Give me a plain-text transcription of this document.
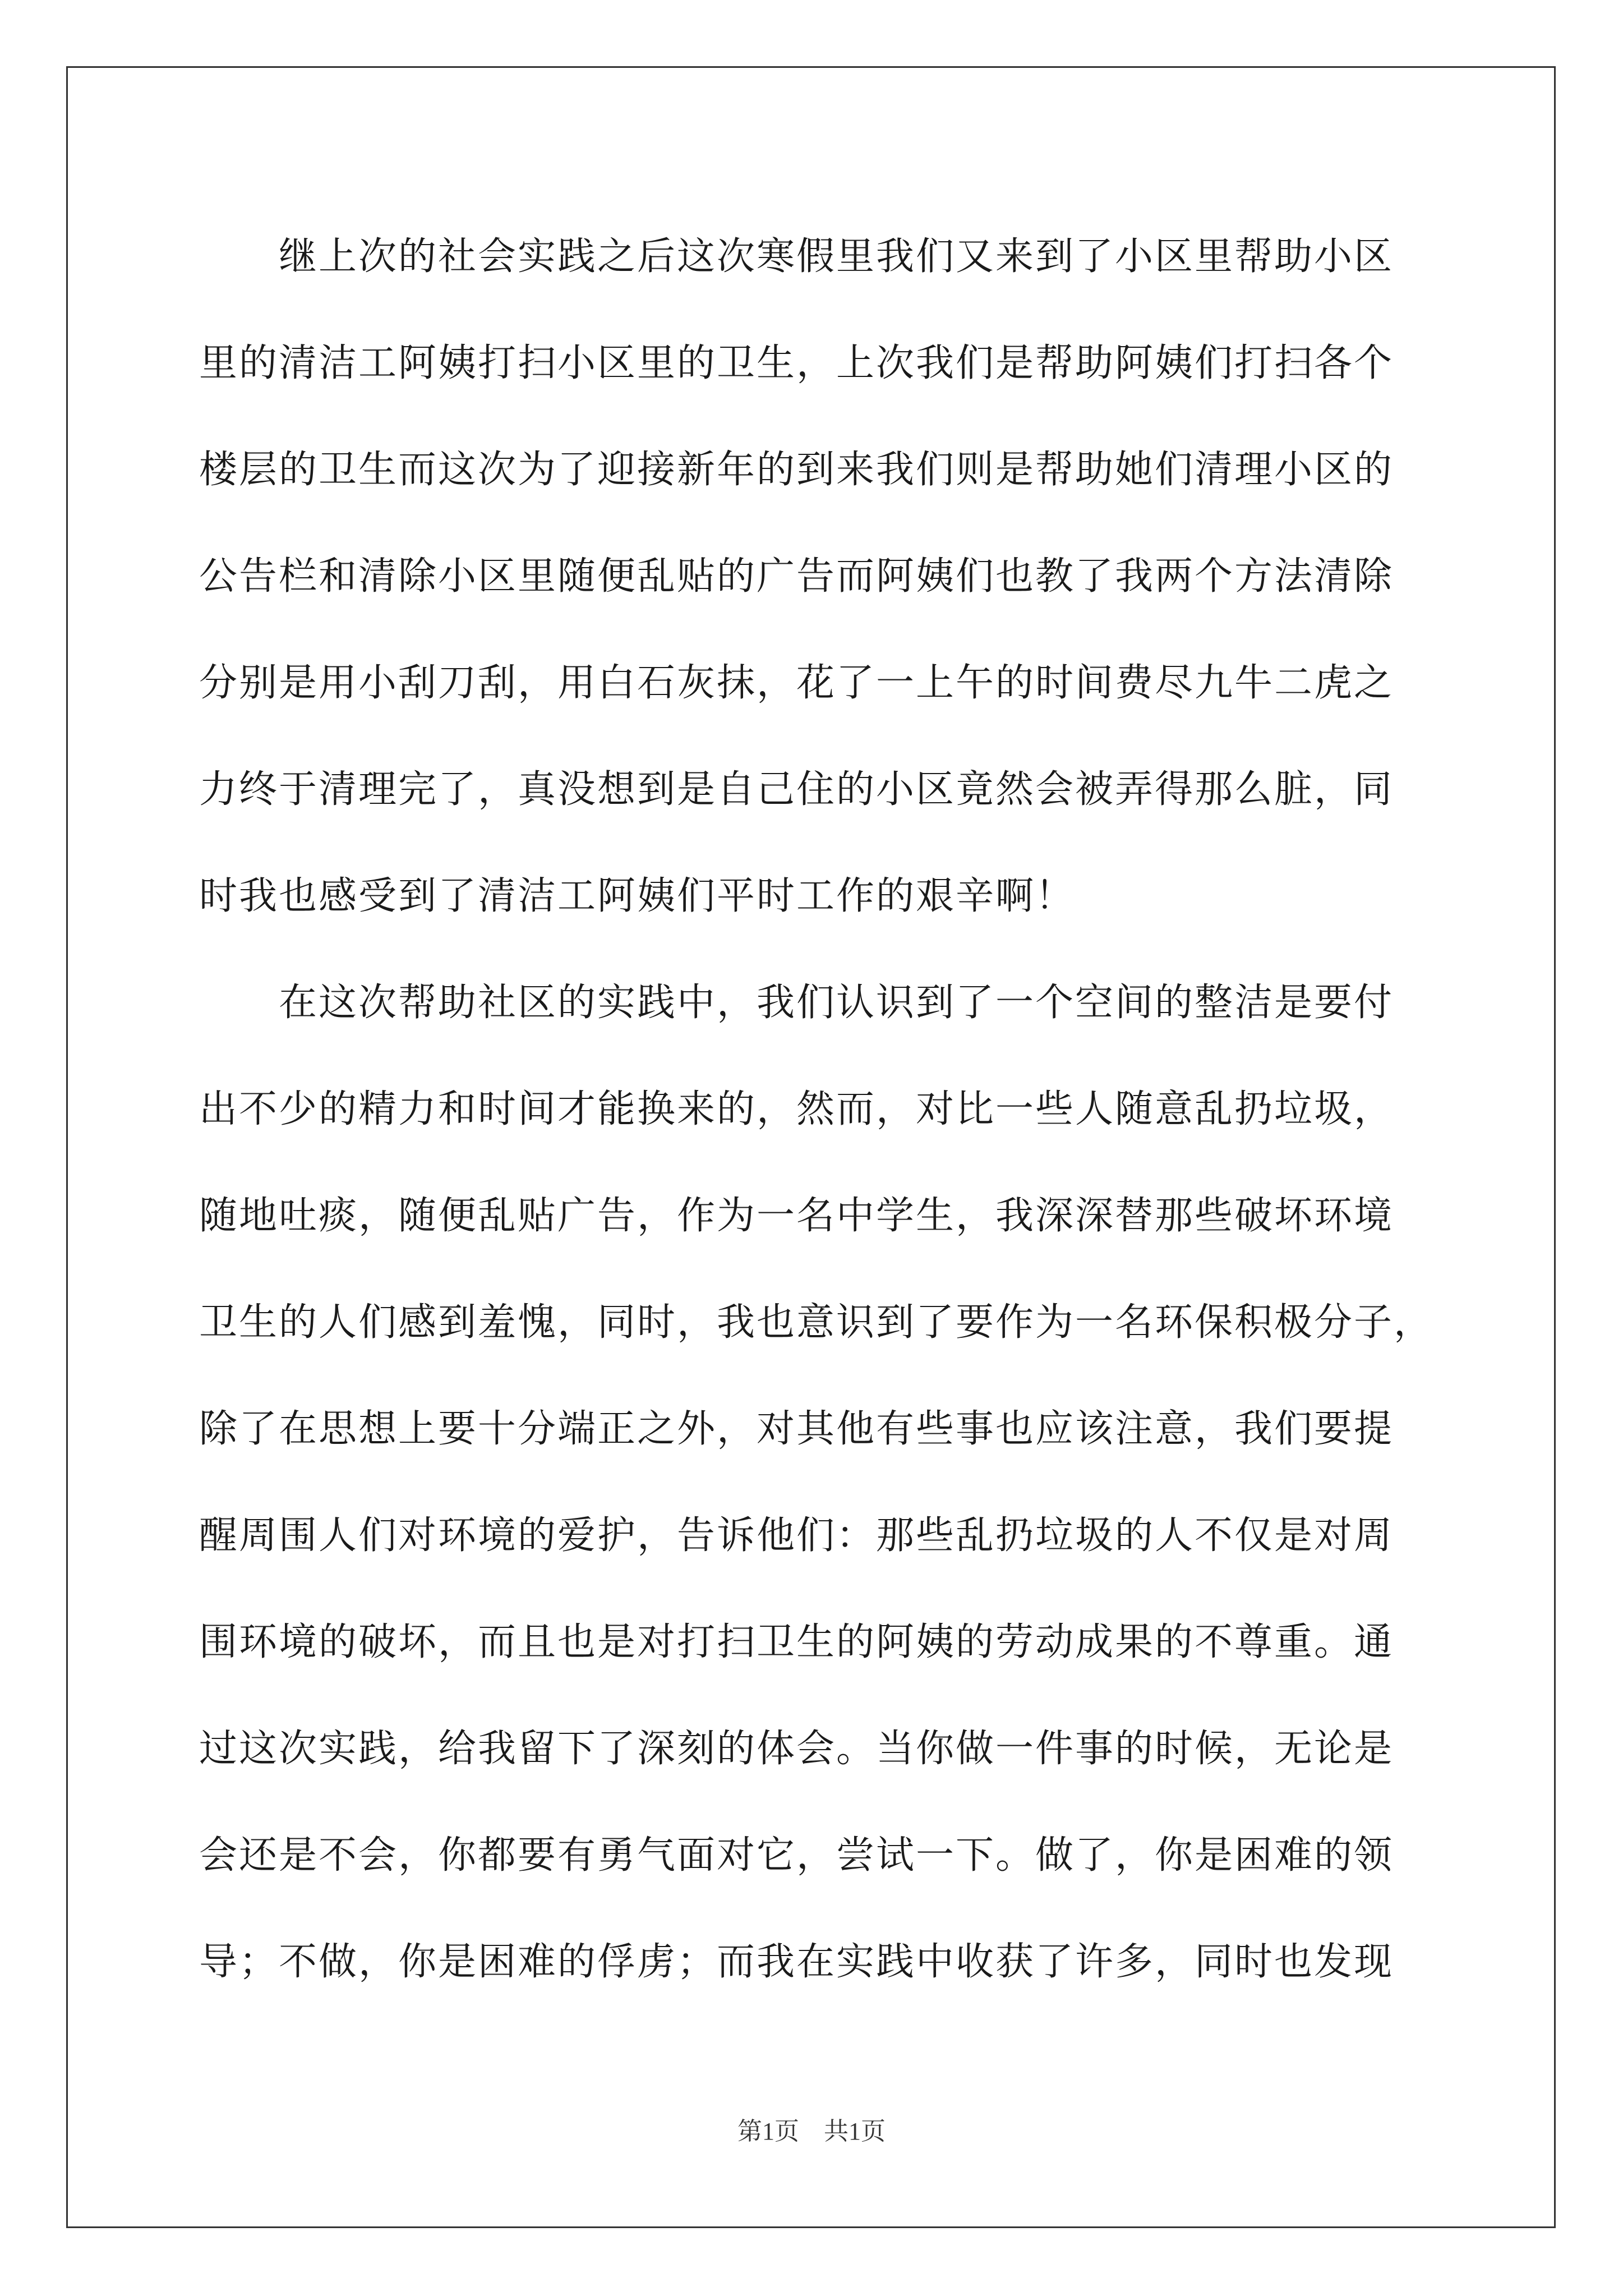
　　继上次的社会实践之后这次寒假里我们又来到了小区里帮助小区
里的清洁工阿姨打扫小区里的卫生，上次我们是帮助阿姨们打扫各个
楼层的卫生而这次为了迎接新年的到来我们则是帮助她们清理小区的
公告栏和清除小区里随便乱贴的广告而阿姨们也教了我两个方法清除
分别是用小刮刀刮，用白石灰抹，花了一上午的时间费尽九牛二虎之
力终于清理完了，真没想到是自己住的小区竟然会被弄得那么脏，同
时我也感受到了清洁工阿姨们平时工作的艰辛啊！
　　在这次帮助社区的实践中，我们认识到了一个空间的整洁是要付
出不少的精力和时间才能换来的，然而，对比一些人随意乱扔垃圾，
随地吐痰，随便乱贴广告，作为一名中学生，我深深替那些破坏环境
卫生的人们感到羞愧，同时，我也意识到了要作为一名环保积极分子，
除了在思想上要十分端正之外，对其他有些事也应该注意，我们要提
醒周围人们对环境的爱护，告诉他们：那些乱扔垃圾的人不仅是对周
围环境的破坏，而且也是对打扫卫生的阿姨的劳动成果的不尊重。通
过这次实践，给我留下了深刻的体会。当你做一件事的时候，无论是
会还是不会，你都要有勇气面对它，尝试一下。做了，你是困难的领
导；不做，你是困难的俘虏；而我在实践中收获了许多，同时也发现
第1页　共1页
